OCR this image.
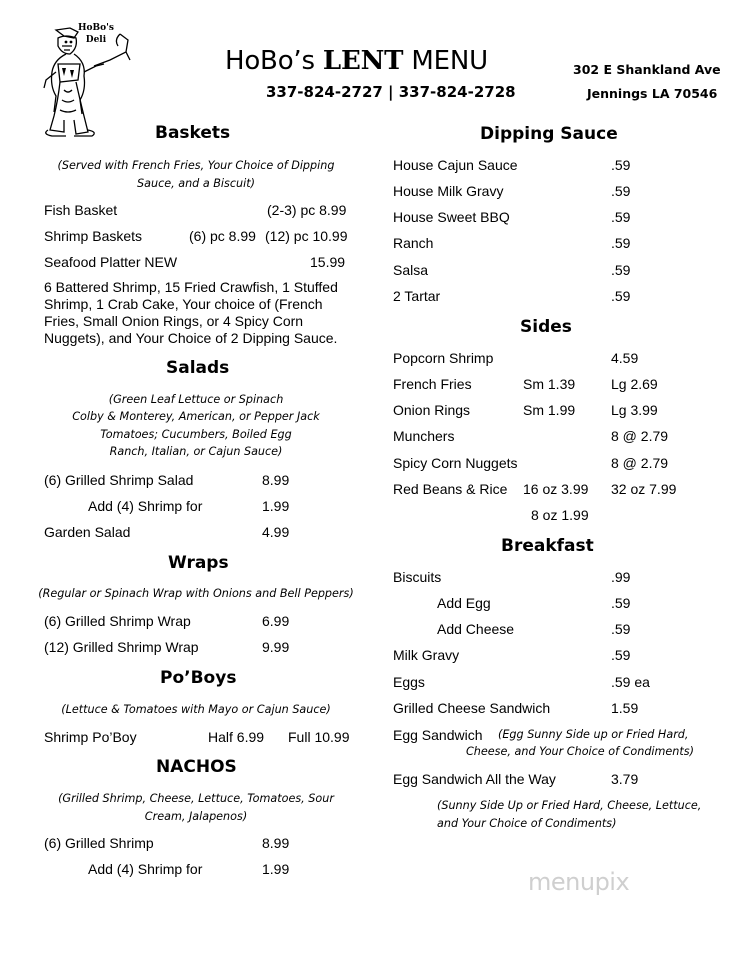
HoBo's
Deli
HoBo’s LENT MENU
337-824-2727 | 337-824-2728
302 E Shankland Ave
Jennings LA 70546
Baskets
(Served with French Fries, Your Choice of Dipping Sauce, and a Biscuit)
Fish Basket	(2-3) pc 8.99
Shrimp Baskets	(6) pc 8.99 (12) pc 10.99
Seafood Platter NEW	15.99
6 Battered Shrimp, 15 Fried Crawfish, 1 Stuffed Shrimp, 1 Crab Cake, Your choice of (French Fries, Small Onion Rings, or 4 Spicy Corn Nuggets), and Your Choice of 2 Dipping Sauce.
Salads
(Green Leaf Lettuce or Spinach
Colby & Monterey, American, or Pepper Jack
Tomatoes; Cucumbers, Boiled Egg
Ranch, Italian, or Cajun Sauce)
(6) Grilled Shrimp Salad	8.99
Add (4) Shrimp for	1.99
Garden Salad	4.99
Wraps
(Regular or Spinach Wrap with Onions and Bell Peppers)
(6) Grilled Shrimp Wrap	6.99
(12) Grilled Shrimp Wrap	9.99
Po’Boys
(Lettuce & Tomatoes with Mayo or Cajun Sauce)
Shrimp Po’Boy	Half 6.99 Full 10.99
NACHOS
(Grilled Shrimp, Cheese, Lettuce, Tomatoes, Sour Cream, Jalapenos)
(6) Grilled Shrimp	8.99
Add (4) Shrimp for	1.99
Dipping Sauce
House Cajun Sauce	.59
House Milk Gravy	.59
House Sweet BBQ	.59
Ranch	.59
Salsa	.59
2 Tartar	.59
Sides
Popcorn Shrimp	4.59
French Fries	Sm 1.39	Lg 2.69
Onion Rings	Sm 1.99	Lg 3.99
Munchers	8 @ 2.79
Spicy Corn Nuggets	8 @ 2.79
Red Beans & Rice 16 oz 3.99 32 oz 7.99
8 oz 1.99
Breakfast
Biscuits	.99
Add Egg	.59
Add Cheese	.59
Milk Gravy	.59
Eggs	.59 ea
Grilled Cheese Sandwich	1.59
Egg Sandwich (Egg Sunny Side up or Fried Hard,
Cheese, and Your Choice of Condiments)
Egg Sandwich All the Way	3.79
(Sunny Side Up or Fried Hard, Cheese, Lettuce,
and Your Choice of Condiments)
menupix
